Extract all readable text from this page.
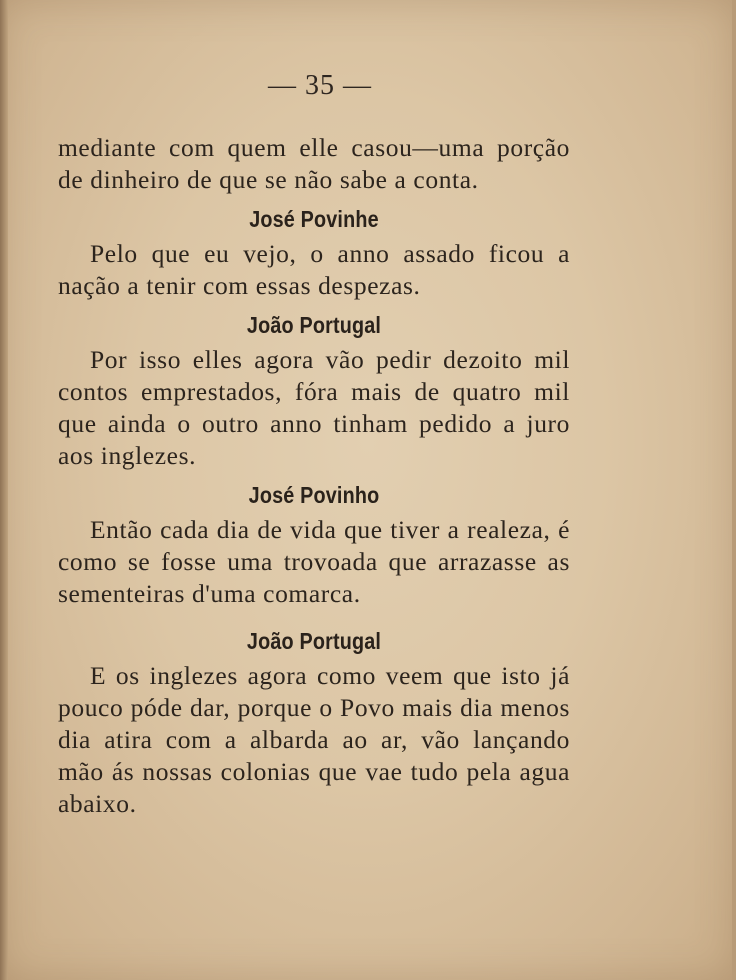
— 35 —

mediante com quem elle casou—uma porção de dinheiro de que se não sabe a conta.

José Povinhe

Pelo que eu vejo, o anno assado ficou a nação a tenir com essas despezas.

João Portugal

Por isso elles agora vão pedir dezoito mil contos emprestados, fóra mais de quatro mil que ainda o outro anno tinham pedido a juro aos inglezes.

José Povinho

Então cada dia de vida que tiver a realeza, é como se fosse uma trovoada que arrazasse as sementeiras d'uma comarca.

João Portugal

E os inglezes agora como veem que isto já pouco póde dar, porque o Povo mais dia menos dia atira com a albarda ao ar, vão lançando mão ás nossas colonias que vae tudo pela agua abaixo.
